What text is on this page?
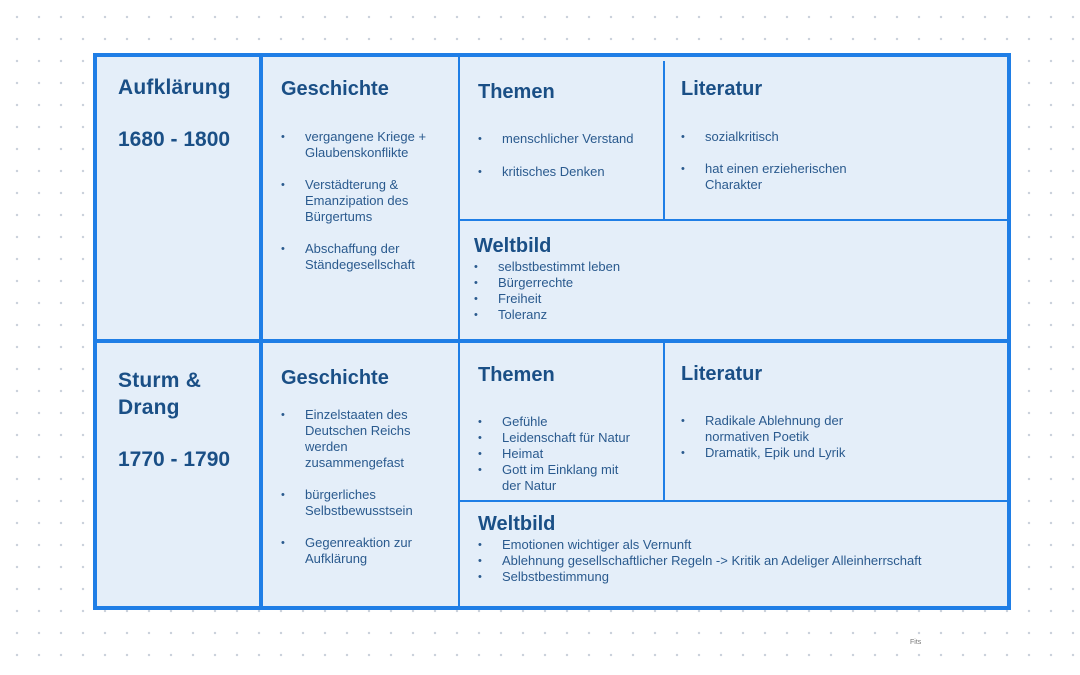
Aufklärung
1680 - 1800
Geschichte
• vergangene Kriege + Glaubenskonflikte
• Verstädterung & Emanzipation des Bürgertums
• Abschaffung der Ständegesellschaft
Themen
• menschlicher Verstand
• kritisches Denken
Literatur
• sozialkritisch
• hat einen erzieherischen Charakter
Weltbild
• selbstbestimmt leben
• Bürgerrechte
• Freiheit
• Toleranz
Sturm & Drang
1770 - 1790
Geschichte
• Einzelstaaten des Deutschen Reichs werden zusammengefast
• bürgerliches Selbstbewusstsein
• Gegenreaktion zur Aufklärung
Themen
• Gefühle
• Leidenschaft für Natur
• Heimat
• Gott im Einklang mit der Natur
Literatur
• Radikale Ablehnung der normativen Poetik
• Dramatik, Epik und Lyrik
Weltbild
• Emotionen wichtiger als Vernunft
• Ablehnung gesellschaftlicher Regeln -> Kritik an Adeliger Alleinherrschaft
• Selbstbestimmung
Fits
